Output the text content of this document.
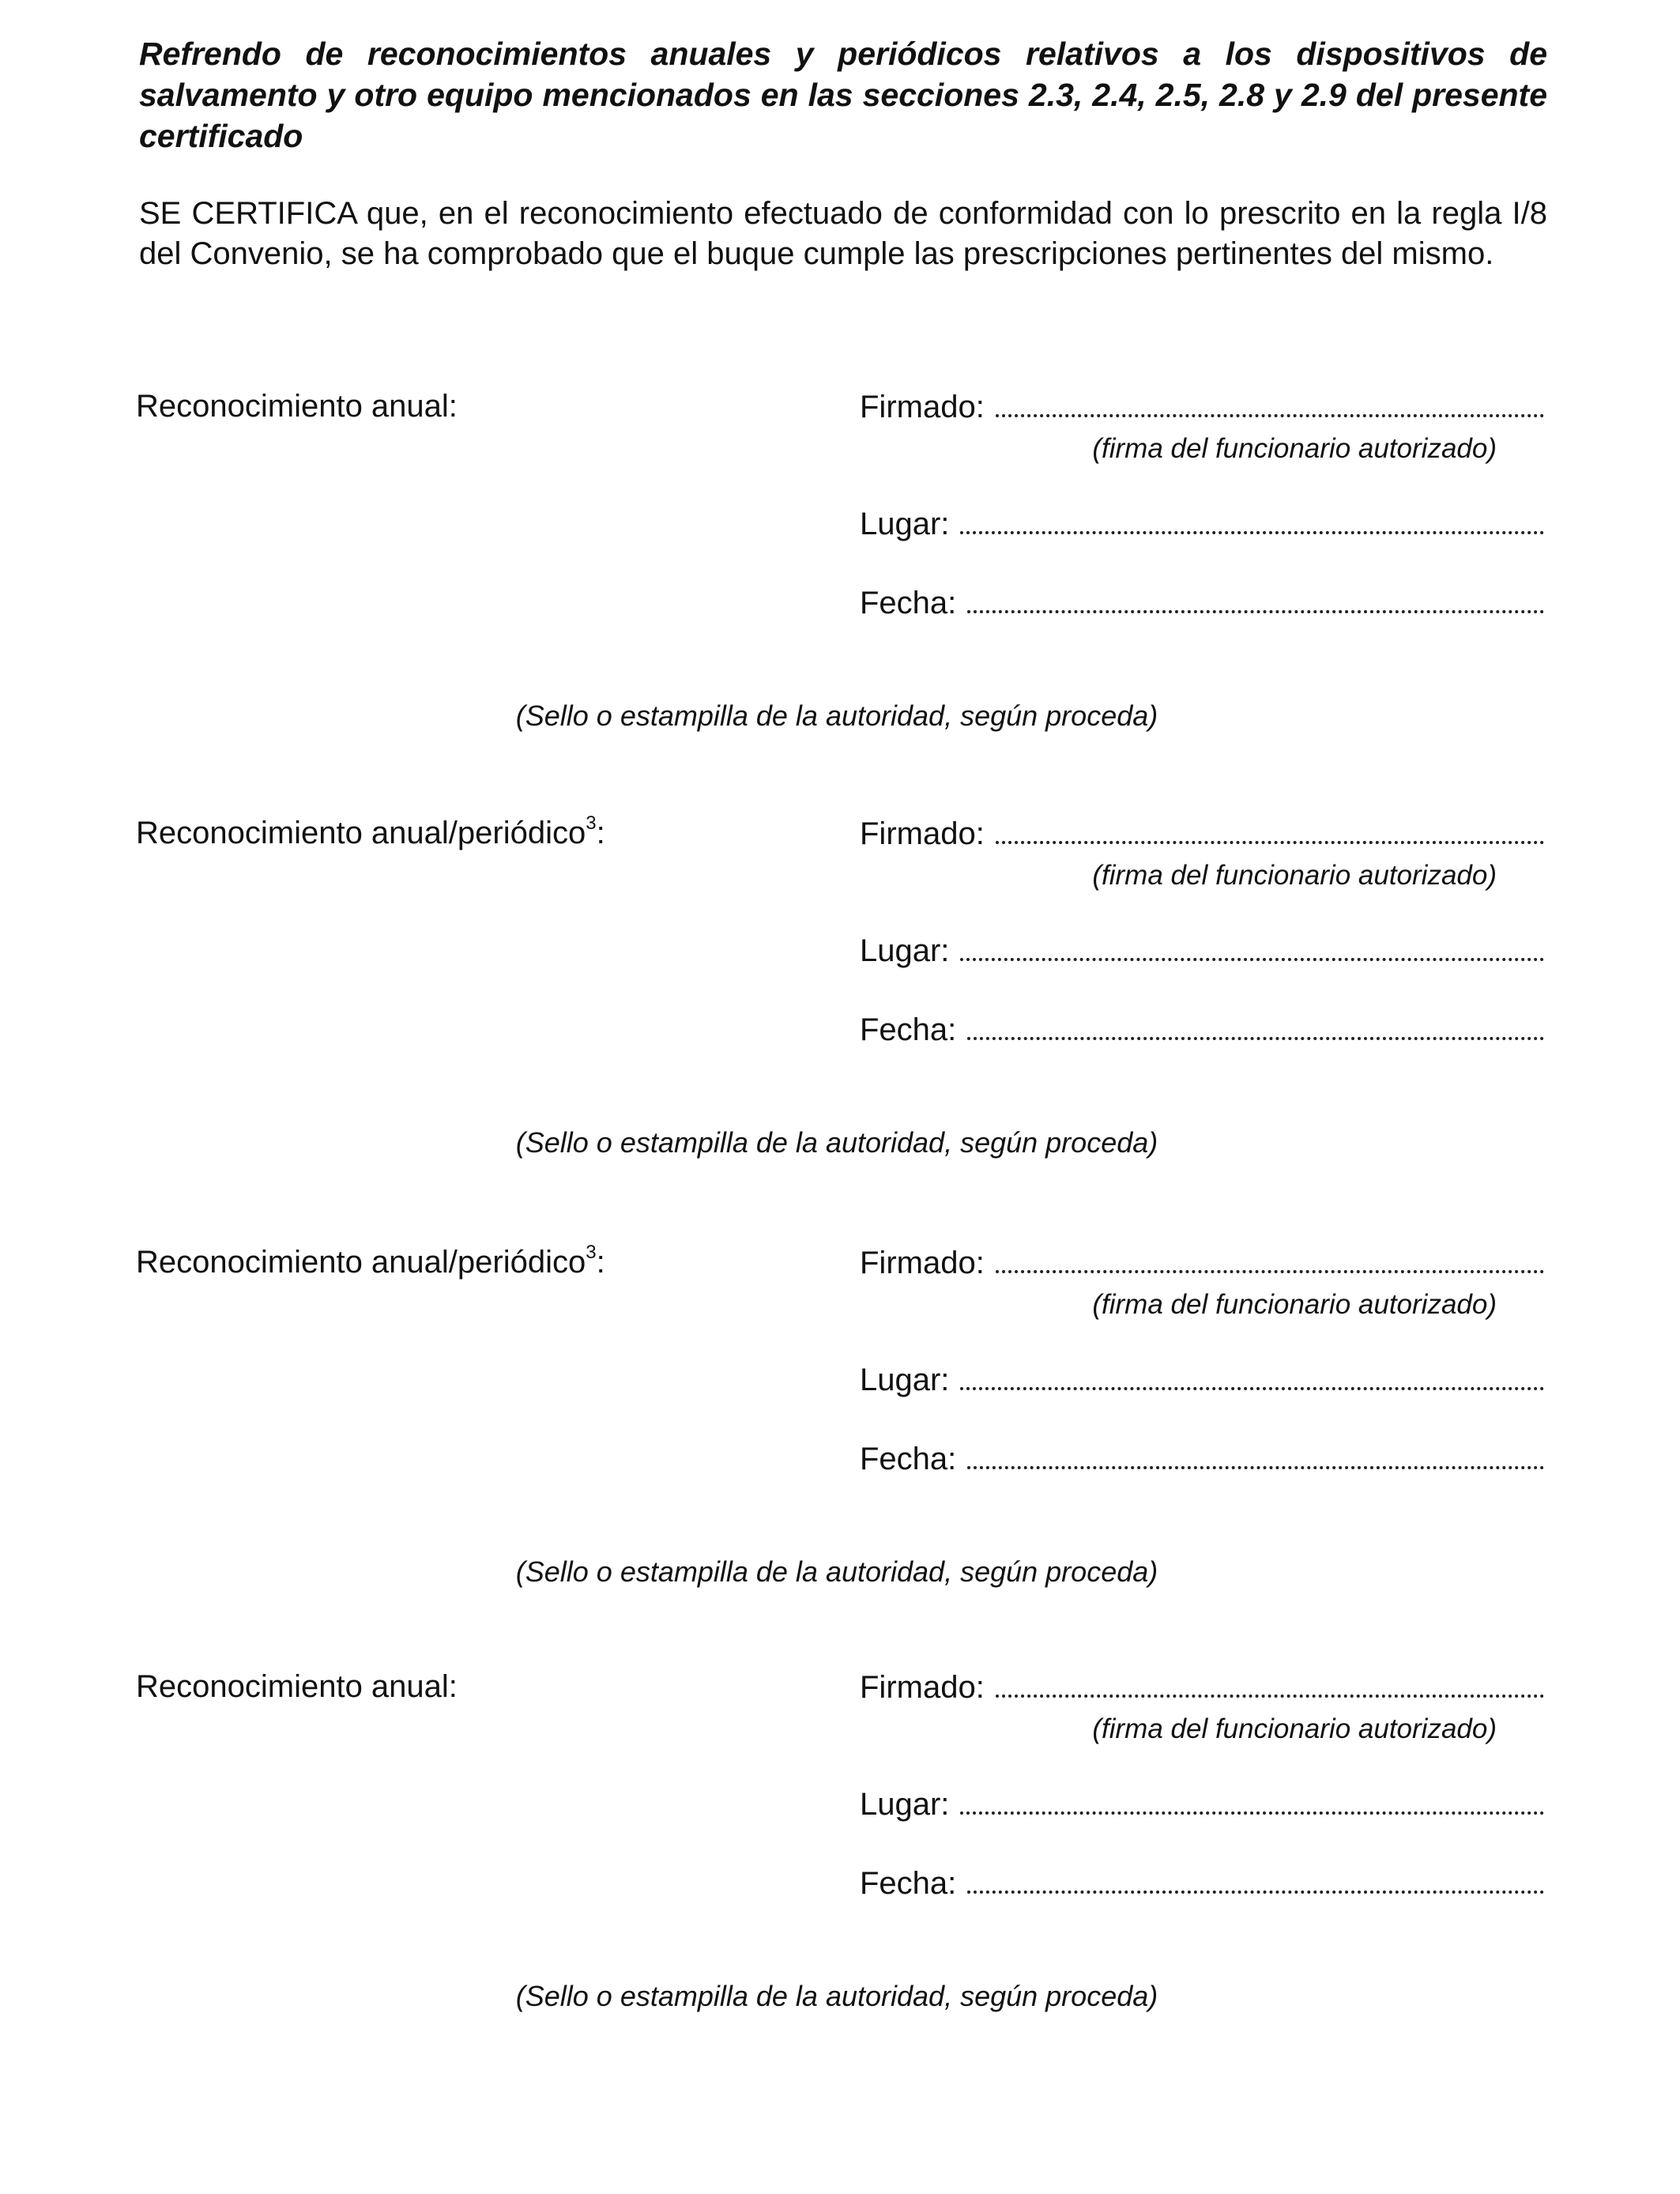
Refrendo de reconocimientos anuales y periódicos relativos a los dispositivos de salvamento y otro equipo mencionados en las secciones 2.3, 2.4, 2.5, 2.8 y 2.9 del presente certificado

SE CERTIFICA que, en el reconocimiento efectuado de conformidad con lo prescrito en la regla I/8 del Convenio, se ha comprobado que el buque cumple las prescripciones pertinentes del mismo.

Reconocimiento anual:	Firmado:
(firma del funcionario autorizado)
Lugar:
Fecha:
(Sello o estampilla de la autoridad, según proceda)
Reconocimiento anual/periódico$^3$:	Firmado:
(firma del funcionario autorizado)
Lugar:
Fecha:
(Sello o estampilla de la autoridad, según proceda)
Reconocimiento anual/periódico$^3$:	Firmado:
(firma del funcionario autorizado)
Lugar:
Fecha:
(Sello o estampilla de la autoridad, según proceda)
Reconocimiento anual:	Firmado:
(firma del funcionario autorizado)
Lugar:
Fecha:
(Sello o estampilla de la autoridad, según proceda)
